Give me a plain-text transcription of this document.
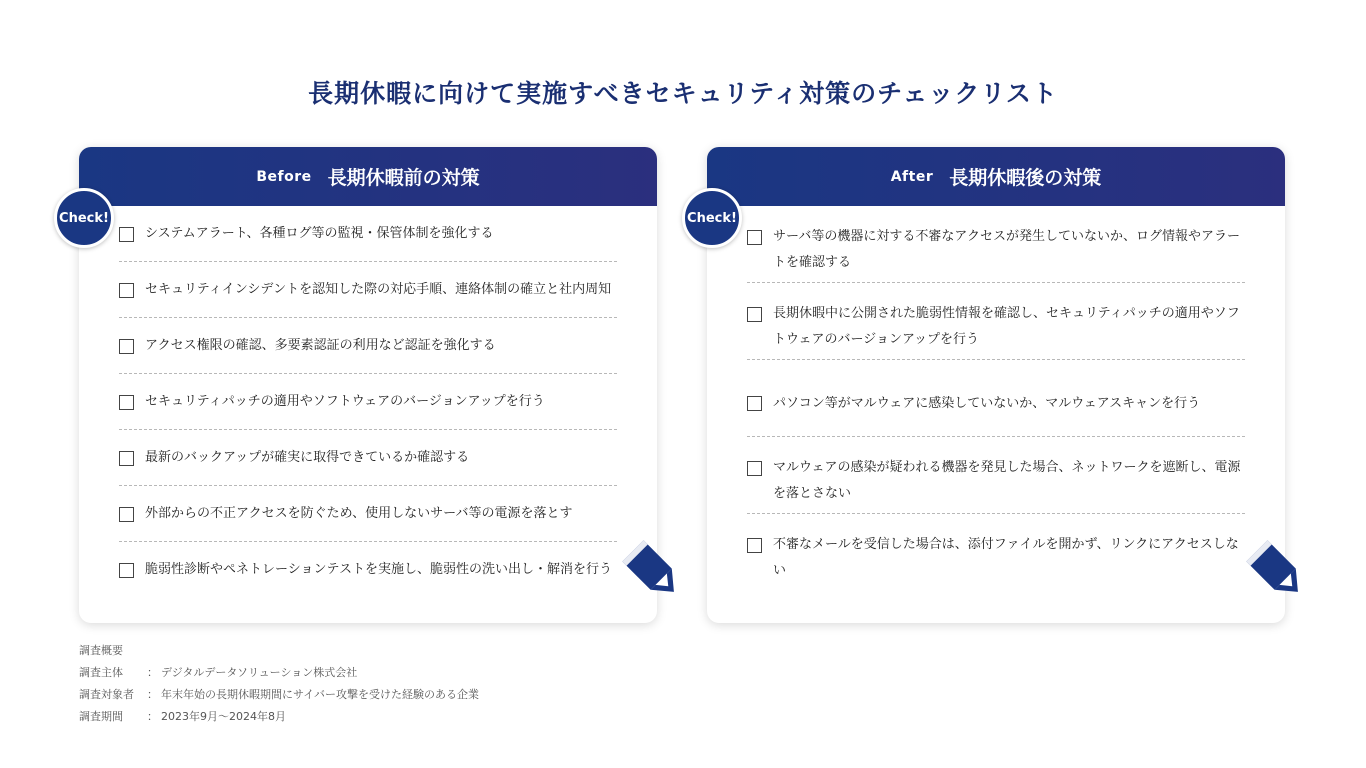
長期休暇に向けて実施すべきセキュリティ対策のチェックリスト
Before 長期休暇前の対策
Check!
システムアラート、各種ログ等の監視・保管体制を強化する
セキュリティインシデントを認知した際の対応手順、連絡体制の確立と社内周知
アクセス権限の確認、多要素認証の利用など認証を強化する
セキュリティパッチの適用やソフトウェアのバージョンアップを行う
最新のバックアップが確実に取得できているか確認する
外部からの不正アクセスを防ぐため、使用しないサーバ等の電源を落とす
脆弱性診断やペネトレーションテストを実施し、脆弱性の洗い出し・解消を行う
After 長期休暇後の対策
Check!
サーバ等の機器に対する不審なアクセスが発生していないか、ログ情報やアラートを確認する
長期休暇中に公開された脆弱性情報を確認し、セキュリティパッチの適用やソフトウェアのバージョンアップを行う
パソコン等がマルウェアに感染していないか、マルウェアスキャンを行う
マルウェアの感染が疑われる機器を発見した場合、ネットワークを遮断し、電源を落とさない
不審なメールを受信した場合は、添付ファイルを開かず、リンクにアクセスしない
調査概要
調査主体	： デジタルデータソリューション株式会社
調査対象者	： 年末年始の長期休暇期間にサイバー攻撃を受けた経験のある企業
調査期間	： 2023年9月～2024年8月
